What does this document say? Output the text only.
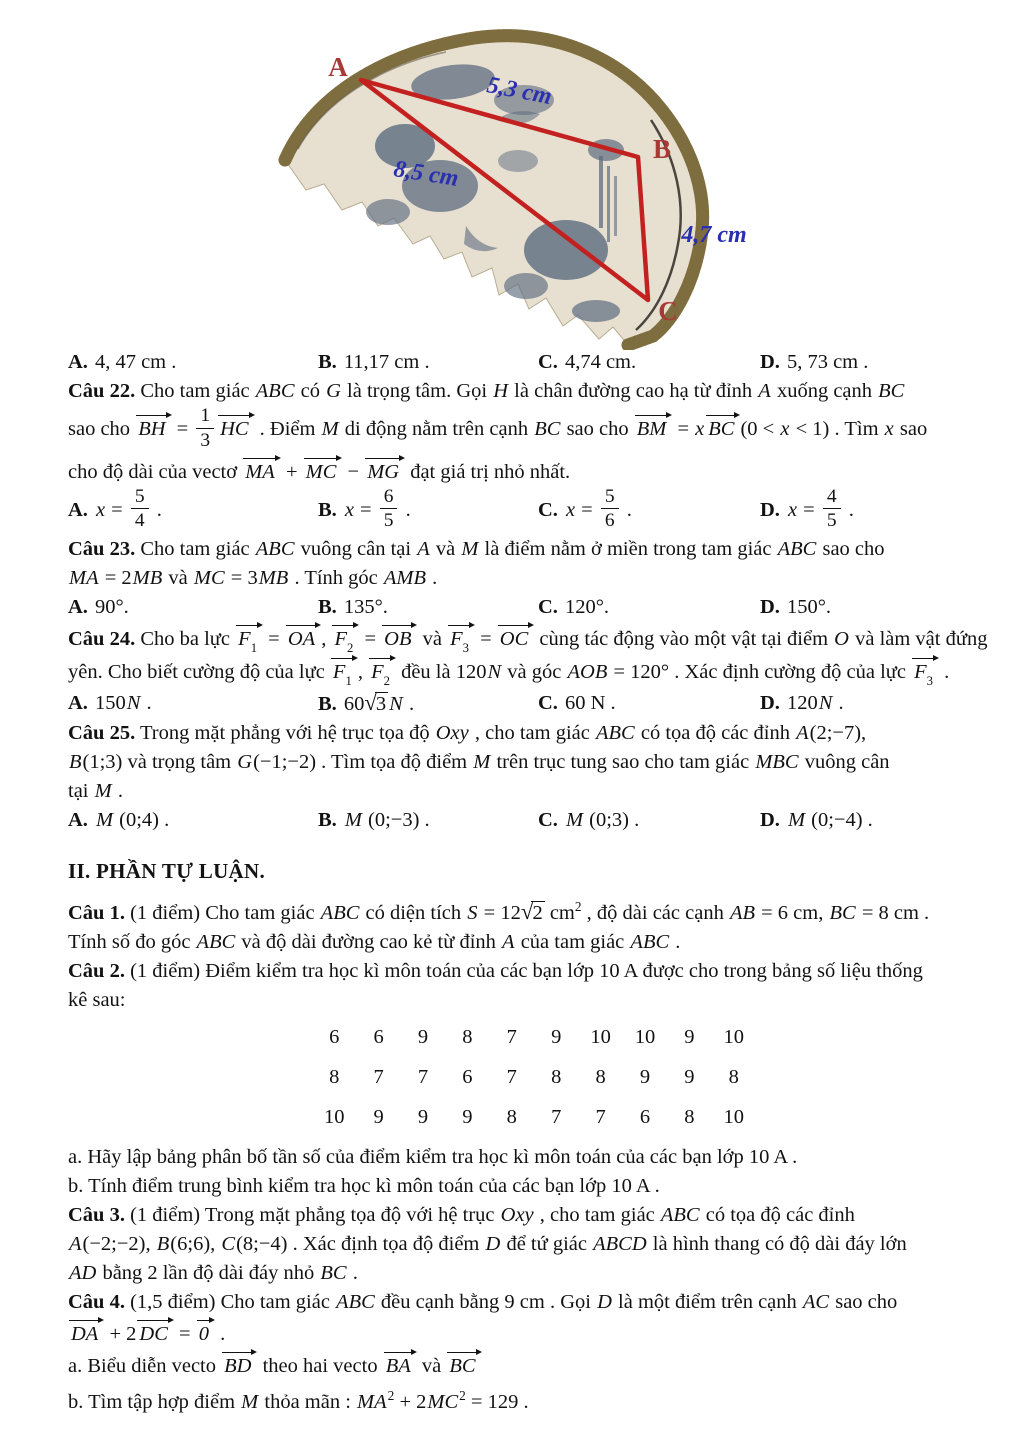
A
B
C
5,3 cm
8,5 cm
4,7 cm
A. 4, 47 cm .	B. 11,17 cm .	C. 4,74 cm.	D. 5, 73 cm .
Câu 22. Cho tam giác ABC có G là trọng tâm. Gọi H là chân đường cao hạ từ đỉnh A xuống cạnh BC
sao cho BH = $\frac{1}{3}$ HC . Điểm M di động nằm trên cạnh BC sao cho BM = x BC (0 < x < 1) . Tìm x sao
cho độ dài của vectơ MA + MC − MG đạt giá trị nhỏ nhất.
A. $x = \frac{5}{4}$ .	B. $x = \frac{6}{5}$ .	C. $x = \frac{5}{6}$ .	D. $x = \frac{4}{5}$ .
Câu 23. Cho tam giác ABC vuông cân tại A và M là điểm nằm ở miền trong tam giác ABC sao cho
MA = 2MB và MC = 3MB . Tính góc AMB .
A. 90°.	B. 135°.	C. 120°.	D. 150°.
Câu 24. Cho ba lực $F_1$ = OA , $F_2$ = OB và $F_3$ = OC cùng tác động vào một vật tại điểm O và làm vật đứng
yên. Cho biết cường độ của lực $F_1$ , $F_2$ đều là 120N và góc AOB = 120° . Xác định cường độ của lực $F_3$ .
A. 150N .	B. 60√3 N .	C. 60 N .	D. 120N .
Câu 25. Trong mặt phẳng với hệ trục tọa độ Oxy , cho tam giác ABC có tọa độ các đỉnh A(2;−7),
B(1;3) và trọng tâm G(−1;−2) . Tìm tọa độ điểm M trên trục tung sao cho tam giác MBC vuông cân
tại M .
A. M (0;4) .	B. M (0;−3) .	C. M (0;3) .	D. M (0;−4) .
II. PHẦN TỰ LUẬN.
Câu 1. (1 điểm) Cho tam giác ABC có diện tích S = 12√2 $cm^2$ , độ dài các cạnh AB = 6 cm, BC = 8 cm .
Tính số đo góc ABC và độ dài đường cao kẻ từ đỉnh A của tam giác ABC .
Câu 2. (1 điểm) Điểm kiểm tra học kì môn toán của các bạn lớp 10 A được cho trong bảng số liệu thống
kê sau:
6	6	9	8	7	9	10	10	9	10
8	7	7	6	7	8	8	9	9	8
10	9	9	9	8	7	7	6	8	10
a. Hãy lập bảng phân bố tần số của điểm kiểm tra học kì môn toán của các bạn lớp 10 A .
b. Tính điểm trung bình kiểm tra học kì môn toán của các bạn lớp 10 A .
Câu 3. (1 điểm) Trong mặt phẳng tọa độ với hệ trục Oxy , cho tam giác ABC có tọa độ các đỉnh
A(−2;−2), B(6;6), C(8;−4) . Xác định tọa độ điểm D để tứ giác ABCD là hình thang có độ dài đáy lớn
AD bằng 2 lần độ dài đáy nhỏ BC .
Câu 4. (1,5 điểm) Cho tam giác ABC đều cạnh bằng 9 cm . Gọi D là một điểm trên cạnh AC sao cho
DA + 2 DC = 0 .
a. Biểu diễn vecto BD theo hai vecto BA và BC
b. Tìm tập hợp điểm M thỏa mãn : $MA^2 + 2MC^2 = 129$ .
